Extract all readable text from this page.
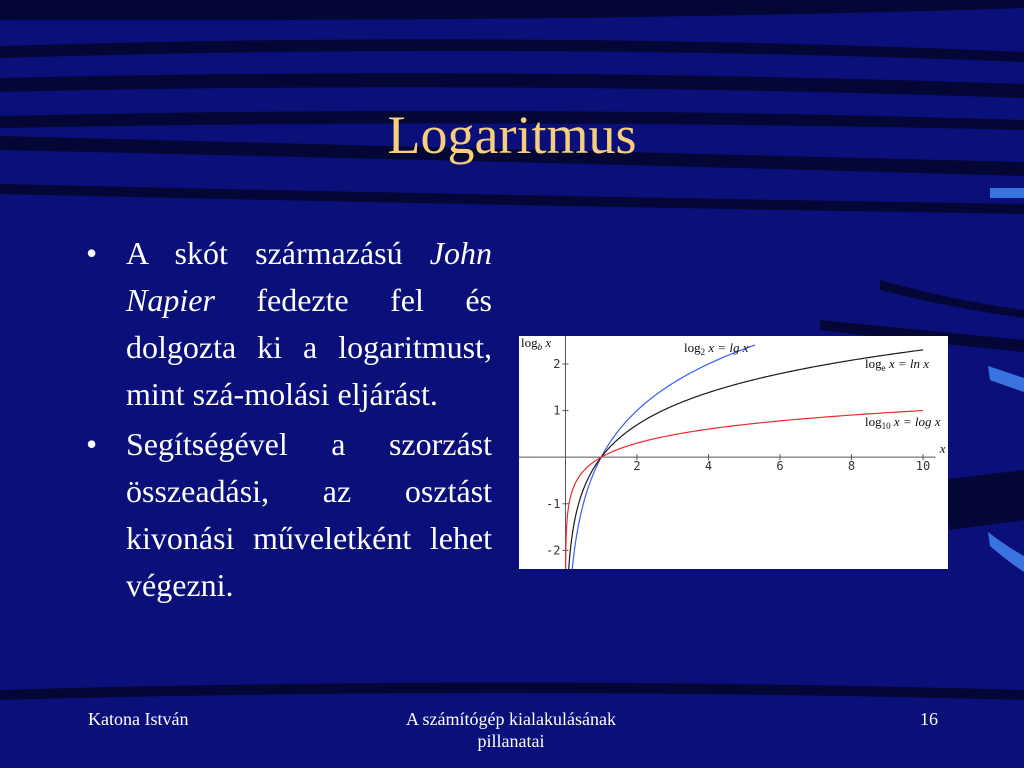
Logaritmus
• A skót származású John Napier fedezte fel és dolgozta ki a logaritmust, mint szá-molási eljárást.
• Segítségével a szorzást összeadási, az osztást kivonási műveletként lehet végezni.
2	4	6	8	10
-2
-1
1
2
x
$\log_b x$	$\log_2 x = \lg x$
$\log_e x = \ln x$
$\log_{10} x = \log x$
Katona István	A számítógép kialakulásának pillanatai
16
